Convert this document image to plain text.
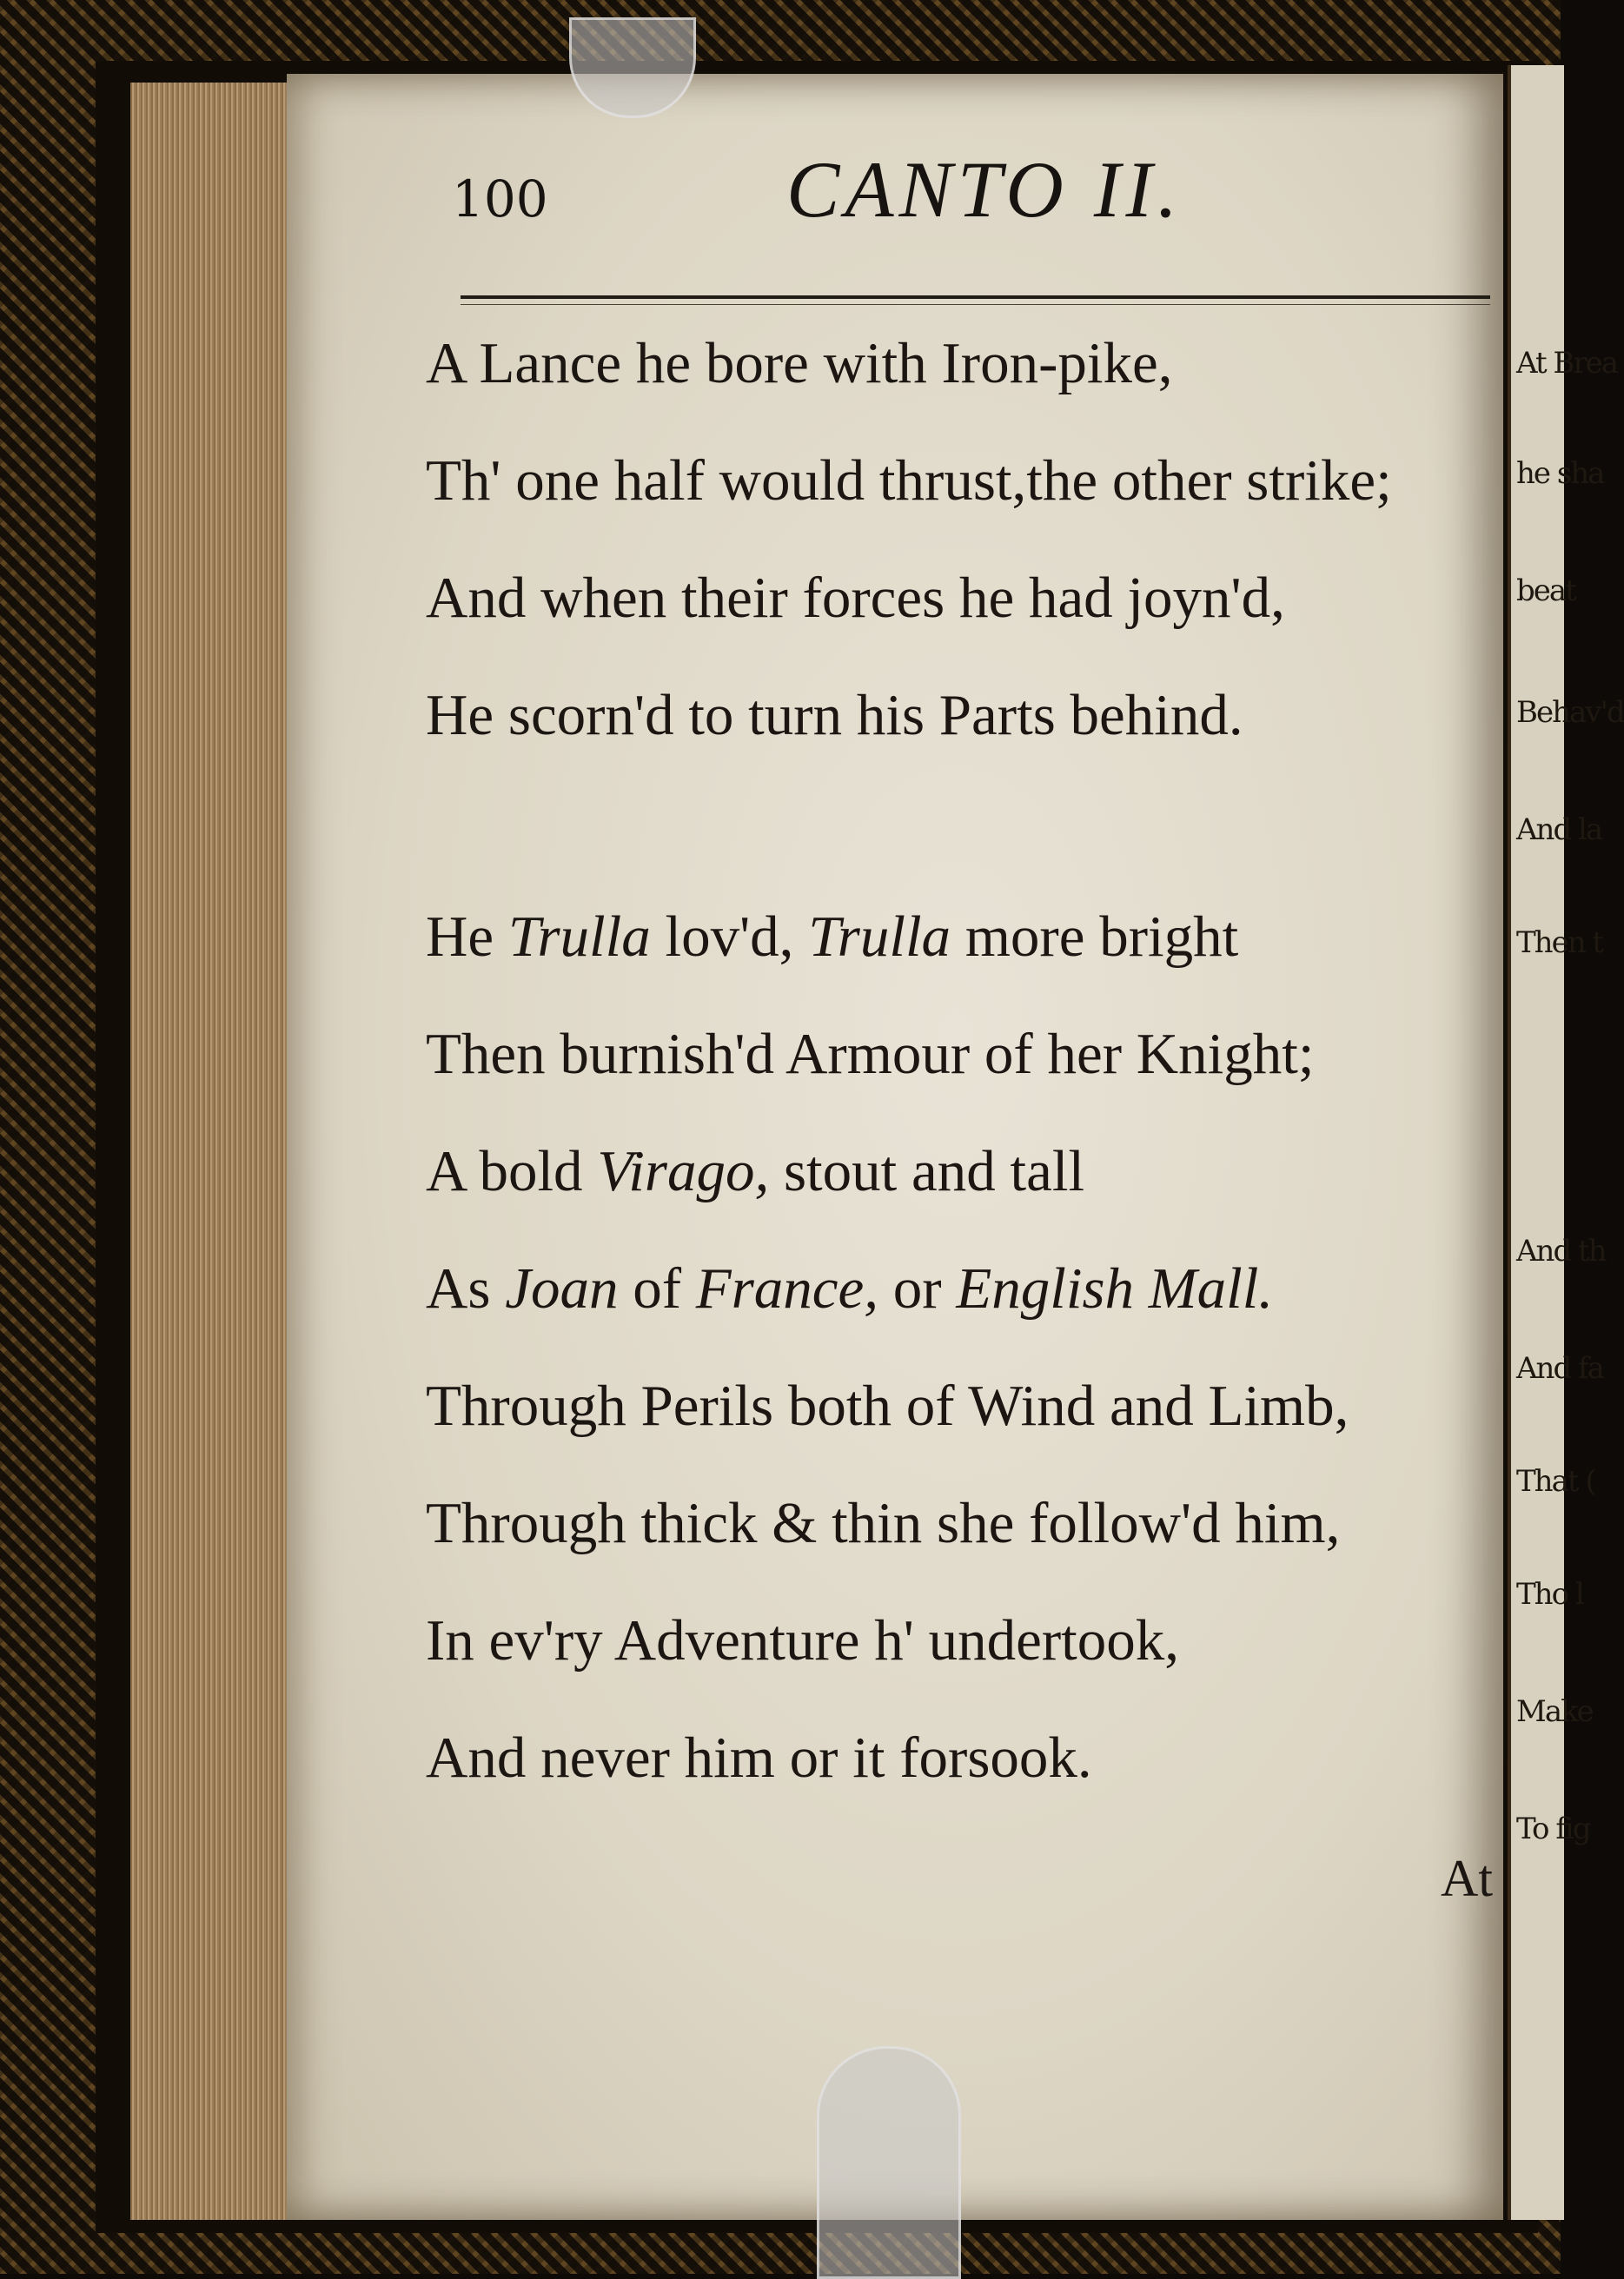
At Brea
he sha
beat
Behav'd
And la
Then t
And th
And fa
That (
Tho l
Make
To fig
100	CANTO II.
A Lance he bore with Iron-pike,
Th' one half would thrust,the other strike;
And when their forces he had joyn'd,
He scorn'd to turn his Parts behind.
He Trulla lov'd, Trulla more bright
Then burnish'd Armour of her Knight;
A bold Virago, stout and tall
As Joan of France, or English Mall.
Through Perils both of Wind and Limb,
Through thick & thin she follow'd him,
In ev'ry Adventure h' undertook,
And never him or it forsook.
At
